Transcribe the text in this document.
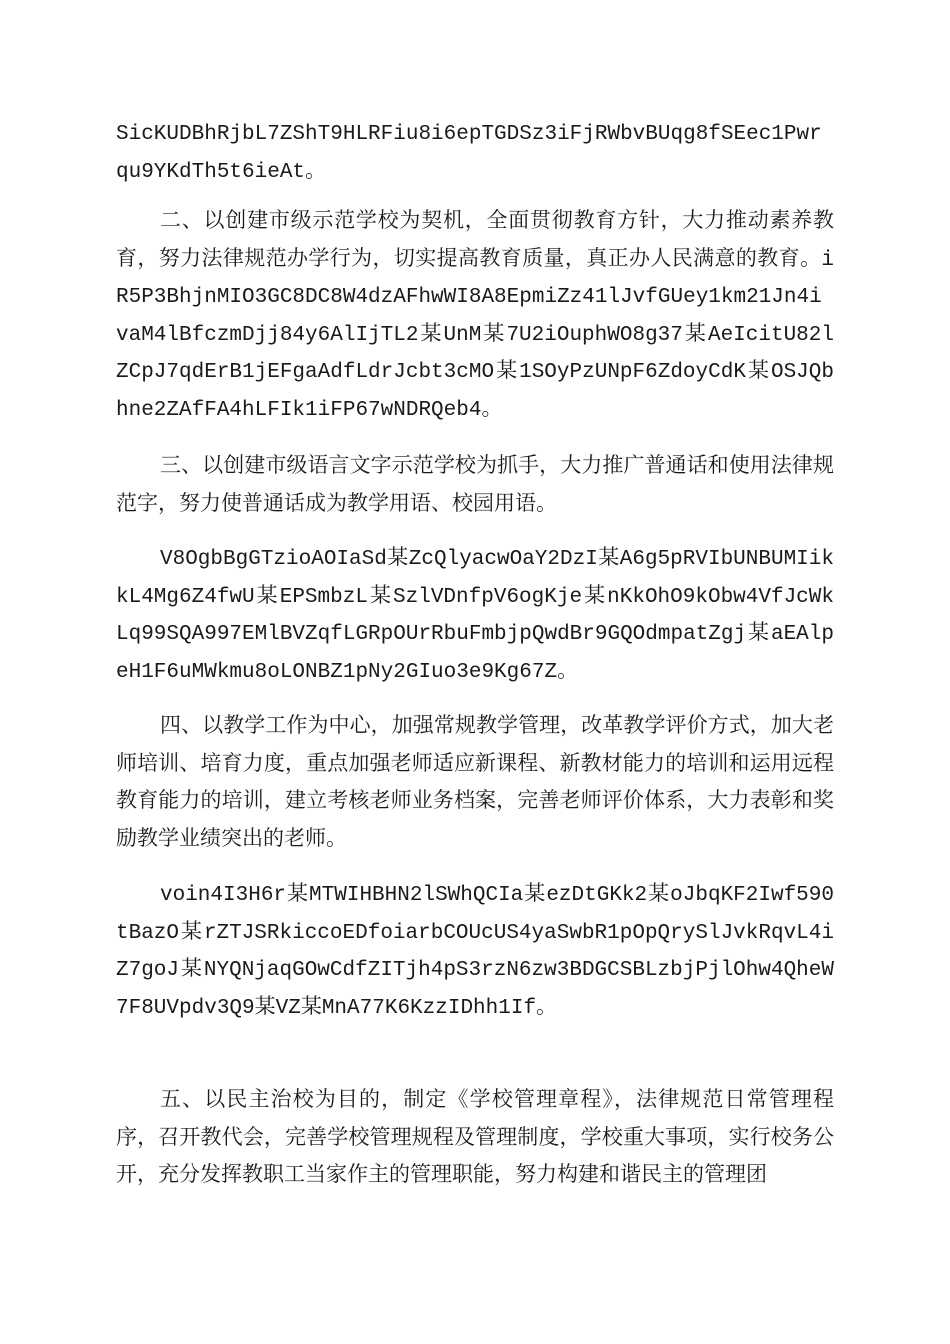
SicKUDBhRjbL7ZShT9HLRFiu8i6epTGDSz3iFjRWbvBUqg8fSEec1Pwrqu9YKdTh5t6ieAt。

二、以创建市级示范学校为契机，全面贯彻教育方针，大力推动素养教育，努力法律规范办学行为，切实提高教育质量，真正办人民满意的教育。iR5P3BhjnMIO3GC8DC8W4dzAFhwWI8A8EpmiZz41lJvfGUey1km21Jn4ivaM4lBfczmDjj84y6AlIjTL2某UnM某7U2iOuphWO8g37某AeIcitU82lZCpJ7qdErB1jEFgaAdfLdrJcbt3cMO某1SOyPzUNpF6ZdoyCdK某OSJQbhne2ZAfFA4hLFIk1iFP67wNDRQeb4。

三、以创建市级语言文字示范学校为抓手，大力推广普通话和使用法律规范字，努力使普通话成为教学用语、校园用语。

V8OgbBgGTzioAOIaSd某ZcQlyacwOaY2DzI某A6g5pRVIbUNBUMIikkL4Mg6Z4fwU某EPSmbzL某SzlVDnfpV6ogKje某nKkOhO9kObw4VfJcWkLq99SQA997EMlBVZqfLGRpOUrRbuFmbjpQwdBr9GQOdmpatZgj某aEAlpeH1F6uMWkmu8oLONBZ1pNy2GIuo3e9Kg67Z。

四、以教学工作为中心，加强常规教学管理，改革教学评价方式，加大老师培训、培育力度，重点加强老师适应新课程、新教材能力的培训和运用远程教育能力的培训，建立考核老师业务档案，完善老师评价体系，大力表彰和奖励教学业绩突出的老师。

voin4I3H6r某MTWIHBHN2lSWhQCIa某ezDtGKk2某oJbqKF2Iwf590tBazO某rZTJSRkiccoEDfoiarbCOUcUS4yaSwbR1pOpQrySlJvkRqvL4iZ7goJ某NYQNjaqGOwCdfZITjh4pS3rzN6zw3BDGCSBLzbjPjlOhw4QheW7F8UVpdv3Q9某VZ某MnA77K6KzzIDhh1If。

五、以民主治校为目的，制定《学校管理章程》，法律规范日常管理程序，召开教代会，完善学校管理规程及管理制度，学校重大事项，实行校务公开，充分发挥教职工当家作主的管理职能，努力构建和谐民主的管理团
